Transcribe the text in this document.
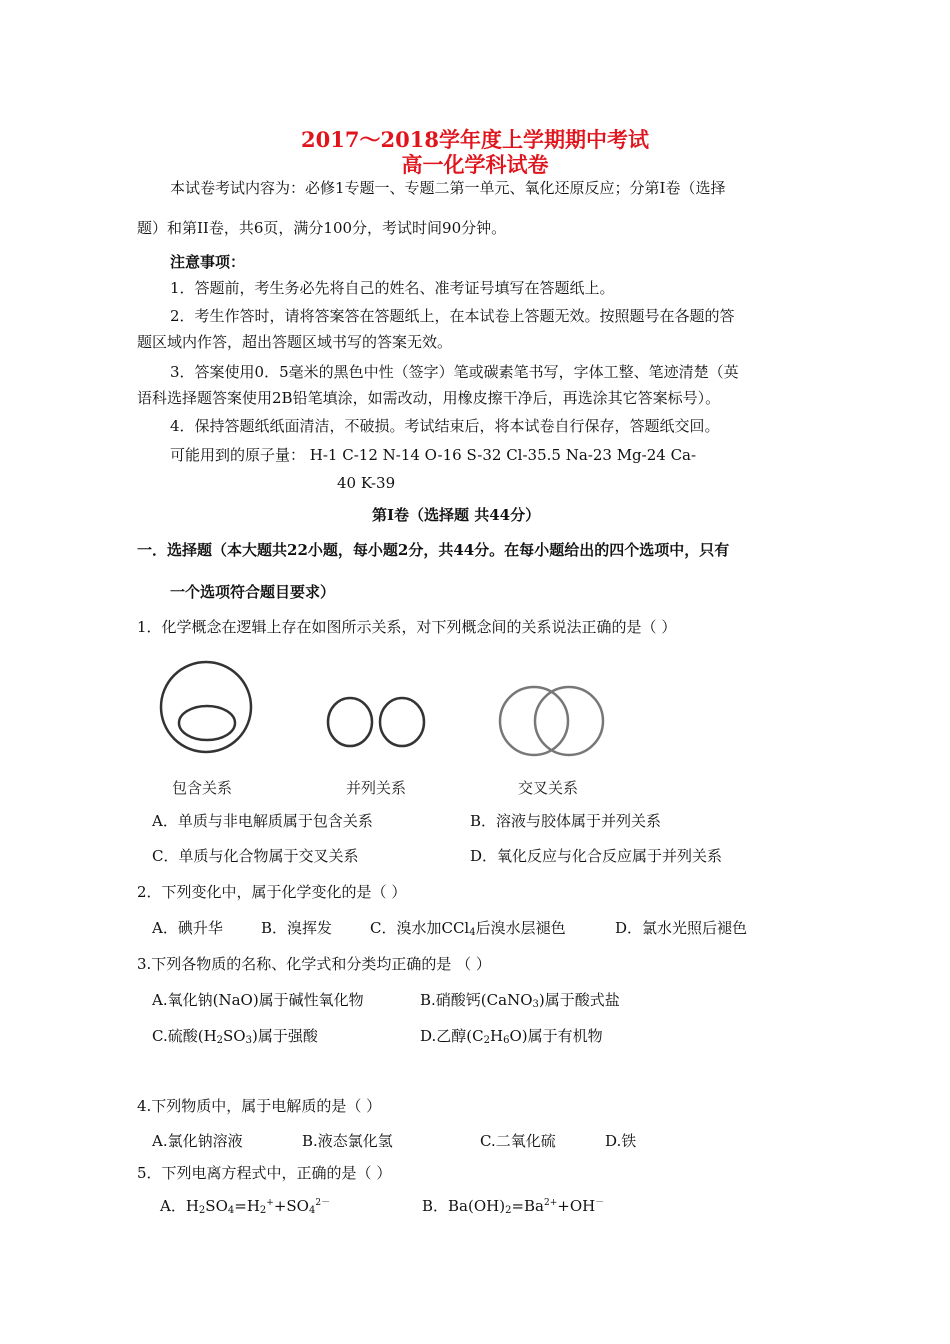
2017～2018学年度上学期期中考试
高一化学科试卷
本试卷考试内容为：必修1专题一、专题二第一单元、氧化还原反应；分第I卷（选择
题）和第II卷，共6页，满分100分，考试时间90分钟。
注意事项：
1．答题前，考生务必先将自己的姓名、准考证号填写在答题纸上。
2．考生作答时，请将答案答在答题纸上，在本试卷上答题无效。按照题号在各题的答
题区域内作答，超出答题区域书写的答案无效。
3．答案使用0．5毫米的黑色中性（签字）笔或碳素笔书写，字体工整、笔迹清楚（英
语科选择题答案使用2B铅笔填涂，如需改动，用橡皮擦干净后，再选涂其它答案标号）。
4．保持答题纸纸面清洁，不破损。考试结束后，将本试卷自行保存，答题纸交回。
可能用到的原子量： H-1 C-12 N-14 O-16 S-32 Cl-35.5 Na-23 Mg-24 Ca-
40 K-39
第I卷（选择题 共44分）
一．选择题（本大题共22小题，每小题2分，共44分。在每小题给出的四个选项中，只有
一个选项符合题目要求）
1．化学概念在逻辑上存在如图所示关系，对下列概念间的关系说法正确的是（ ）
包含关系	并列关系	交叉关系
A．单质与非电解质属于包含关系	B．溶液与胶体属于并列关系
C．单质与化合物属于交叉关系	D．氧化反应与化合反应属于并列关系
2．下列变化中，属于化学变化的是（ ）
A．碘升华	B．溴挥发	C．溴水加CCl$_4$后溴水层褪色	D．氯水光照后褪色
3.下列各物质的名称、化学式和分类均正确的是 （ ）
A.氧化钠(NaO)属于碱性氧化物	B.硝酸钙(CaNO$_3$)属于酸式盐
C.硫酸$(H_2SO_3)$属于强酸	D.乙醇$(C_2H_6O)$属于有机物
4.下列物质中，属于电解质的是（ ）
A.氯化钠溶液	B.液态氯化氢	C.二氧化硫	D.铁
5．下列电离方程式中，正确的是（ ）
A．$H_2SO_4=H_2^++SO_4^{2-}$	B．$Ba(OH)_2=Ba^{2+}+OH^-$
